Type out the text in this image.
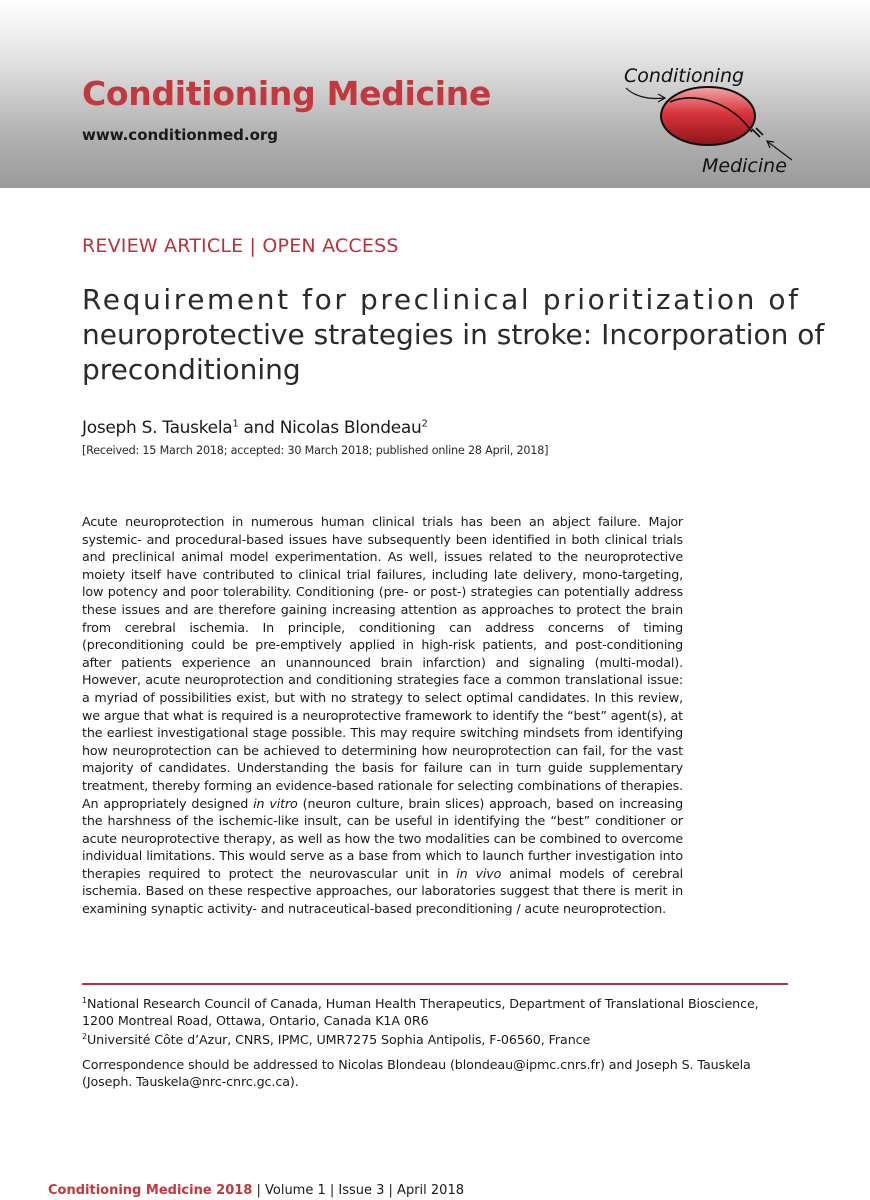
Conditioning Medicine
www.conditionmed.org
Conditioning
Medicine
REVIEW ARTICLE | OPEN ACCESS
Requirement for preclinical prioritization of
neuroprotective strategies in stroke: Incorporation of
preconditioning
Joseph S. Tauskela$^1$ and Nicolas Blondeau$^2$
[Received: 15 March 2018; accepted: 30 March 2018; published online 28 April, 2018]
Acute neuroprotection in numerous human clinical trials has been an abject failure. Major systemic- and procedural-based issues have subsequently been identified in both clinical trials and preclinical animal model experimentation. As well, issues related to the neuroprotective moiety itself have contributed to clinical trial failures, including late delivery, mono-targeting, low potency and poor tolerability. Conditioning (pre- or post-) strategies can potentially address these issues and are therefore gaining increasing attention as approaches to protect the brain from cerebral ischemia. In principle, conditioning can address concerns of timing (preconditioning could be pre-emptively applied in high-risk patients, and post-conditioning after patients experience an unannounced brain infarction) and signaling (multi-modal). However, acute neuroprotection and conditioning strategies face a common translational issue: a myriad of possibilities exist, but with no strategy to select optimal candidates. In this review, we argue that what is required is a neuroprotective framework to identify the “best” agent(s), at the earliest investigational stage possible. This may require switching mindsets from identifying how neuroprotection can be achieved to determining how neuroprotection can fail, for the vast majority of candidates. Understanding the basis for failure can in turn guide supplementary treatment, thereby forming an evidence-based rationale for selecting combinations of therapies. An appropriately designed in vitro (neuron culture, brain slices) approach, based on increasing the harshness of the ischemic-like insult, can be useful in identifying the “best” conditioner or acute neuroprotective therapy, as well as how the two modalities can be combined to overcome individual limitations. This would serve as a base from which to launch further investigation into therapies required to protect the neurovascular unit in in vivo animal models of cerebral ischemia. Based on these respective approaches, our laboratories suggest that there is merit in examining synaptic activity- and nutraceutical-based preconditioning / acute neuroprotection.
$^1$National Research Council of Canada, Human Health Therapeutics, Department of Translational Bioscience, 1200 Montreal Road, Ottawa, Ontario, Canada K1A 0R6
$^2$Université Côte d’Azur, CNRS, IPMC, UMR7275 Sophia Antipolis, F-06560, France
Correspondence should be addressed to Nicolas Blondeau (blondeau@ipmc.cnrs.fr) and Joseph S. Tauskela (Joseph. Tauskela@nrc-cnrc.gc.ca).
Conditioning Medicine 2018 | Volume 1 | Issue 3 | April 2018
